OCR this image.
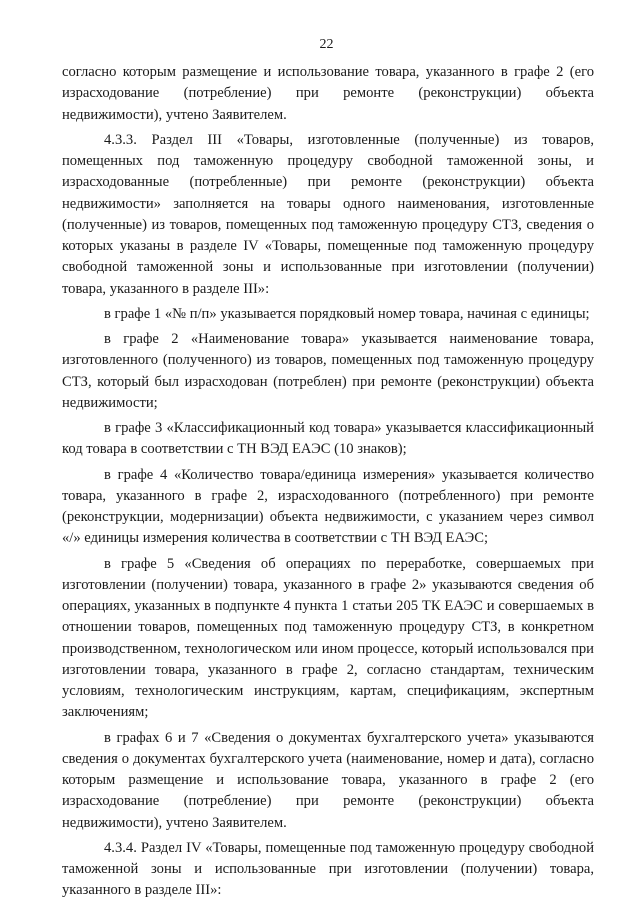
22

согласно которым размещение и использование товара, указанного в графе 2 (его израсходование (потребление) при ремонте (реконструкции) объекта недвижимости), учтено Заявителем.

4.3.3. Раздел III «Товары, изготовленные (полученные) из товаров, помещенных под таможенную процедуру свободной таможенной зоны, и израсходованные (потребленные) при ремонте (реконструкции) объекта недвижимости» заполняется на товары одного наименования, изготовленные (полученные) из товаров, помещенных под таможенную процедуру СТЗ, сведения о которых указаны в разделе IV «Товары, помещенные под таможенную процедуру свободной таможенной зоны и использованные при изготовлении (получении) товара, указанного в разделе III»:

в графе 1 «№ п/п» указывается порядковый номер товара, начиная с единицы;

в графе 2 «Наименование товара» указывается наименование товара, изготовленного (полученного) из товаров, помещенных под таможенную процедуру СТЗ, который был израсходован (потреблен) при ремонте (реконструкции) объекта недвижимости;

в графе 3 «Классификационный код товара» указывается классификационный код товара в соответствии с ТН ВЭД ЕАЭС (10 знаков);

в графе 4 «Количество товара/единица измерения» указывается количество товара, указанного в графе 2, израсходованного (потребленного) при ремонте (реконструкции, модернизации) объекта недвижимости, с указанием через символ «/» единицы измерения количества в соответствии с ТН ВЭД ЕАЭС;

в графе 5 «Сведения об операциях по переработке, совершаемых при изготовлении (получении) товара, указанного в графе 2» указываются сведения об операциях, указанных в подпункте 4 пункта 1 статьи 205 ТК ЕАЭС и совершаемых в отношении товаров, помещенных под таможенную процедуру СТЗ, в конкретном производственном, технологическом или ином процессе, который использовался при изготовлении товара, указанного в графе 2, согласно стандартам, техническим условиям, технологическим инструкциям, картам, спецификациям, экспертным заключениям;

в графах 6 и 7 «Сведения о документах бухгалтерского учета» указываются сведения о документах бухгалтерского учета (наименование, номер и дата), согласно которым размещение и использование товара, указанного в графе 2 (его израсходование (потребление) при ремонте (реконструкции) объекта недвижимости), учтено Заявителем.

4.3.4. Раздел IV «Товары, помещенные под таможенную процедуру свободной таможенной зоны и использованные при изготовлении (получении) товара, указанного в разделе III»:
